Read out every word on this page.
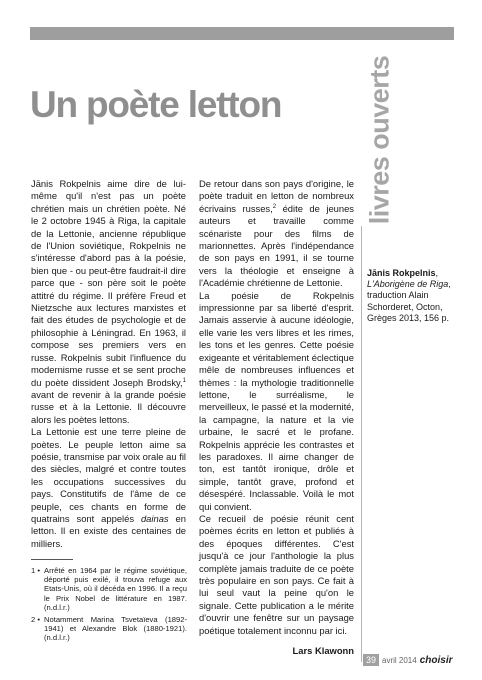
Un poète letton	livres ouverts

Jānis Rokpelnis aime dire de lui-même qu'il n'est pas un poète chrétien mais un chrétien poète. Né le 2 octobre 1945 à Riga, la capitale de la Lettonie, ancienne république de l'Union soviétique, Rokpelnis ne s'intéresse d'abord pas à la poésie, bien que - ou peut-être faudrait-il dire parce que - son père soit le poète attitré du régime. Il préfère Freud et Nietzsche aux lectures marxistes et fait des études de psychologie et de philosophie à Léningrad. En 1963, il compose ses premiers vers en russe. Rokpelnis subit l'influence du modernisme russe et se sent proche du poète dissident Joseph Brodsky,$^1$ avant de revenir à la grande poésie russe et à la Lettonie. Il découvre alors les poètes lettons.

La Lettonie est une terre pleine de poètes. Le peuple letton aime sa poésie, transmise par voix orale au fil des siècles, malgré et contre toutes les occupations successives du pays. Constitutifs de l'âme de ce peuple, ces chants en forme de quatrains sont appelés dainas en letton. Il en existe des centaines de milliers.

De retour dans son pays d'origine, le poète traduit en letton de nombreux écrivains russes,$^2$ édite de jeunes auteurs et travaille comme scénariste pour des films de marionnettes. Après l'indépendance de son pays en 1991, il se tourne vers la théologie et enseigne à l'Académie chrétienne de Lettonie.

La poésie de Rokpelnis impressionne par sa liberté d'esprit. Jamais asservie à aucune idéologie, elle varie les vers libres et les rimes, les tons et les genres. Cette poésie exigeante et véritablement éclectique mêle de nombreuses influences et thèmes : la mythologie traditionnelle lettone, le surréalisme, le merveilleux, le passé et la modernité, la campagne, la nature et la vie urbaine, le sacré et le profane. Rokpelnis apprécie les contrastes et les paradoxes. Il aime changer de ton, est tantôt ironique, drôle et simple, tantôt grave, profond et désespéré. Inclassable. Voilà le mot qui convient.

Ce recueil de poésie réunit cent poèmes écrits en letton et publiés à des époques différentes. C'est jusqu'à ce jour l'anthologie la plus complète jamais traduite de ce poète très populaire en son pays. Ce fait à lui seul vaut la peine qu'on le signale. Cette publication a le mérite d'ouvrir une fenêtre sur un paysage poétique totalement inconnu par ici.

Lars Klawonn

Jānis Rokpelnis, L'Aborigène de Riga, traduction Alain Schorderet, Octon, Grèges 2013, 156 p.
1 • Arrêté en 1964 par le régime soviétique, déporté puis exilé, il trouva refuge aux Etats-Unis, où il décéda en 1996. Il a reçu le Prix Nobel de littérature en 1987. (n.d.l.r.)
2 • Notamment Marina Tsvetaïeva (1892-1941) et Alexandre Blok (1880-1921). (n.d.l.r.)
39 avril 2014 choisir
